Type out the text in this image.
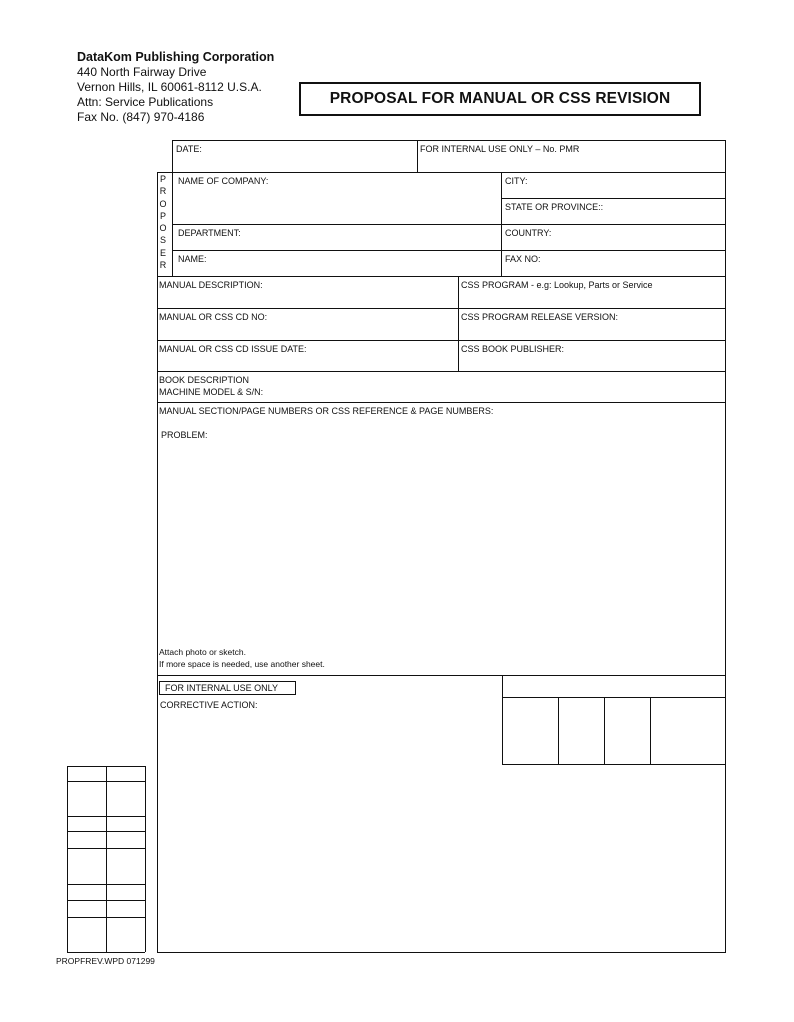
DataKom Publishing Corporation
440 North Fairway Drive
Vernon Hills, IL 60061-8112 U.S.A.
Attn: Service Publications
Fax No. (847) 970-4186
PROPOSAL FOR MANUAL OR CSS REVISION
DATE:	FOR INTERNAL USE ONLY – No. PMR
P
R
O
P
O
S
E
R
NAME OF COMPANY:	CITY:
STATE OR PROVINCE::
DEPARTMENT:	COUNTRY:
NAME:	FAX NO:
MANUAL DESCRIPTION:	CSS PROGRAM - e.g: Lookup, Parts or Service
MANUAL OR CSS CD NO:	CSS PROGRAM RELEASE VERSION:
MANUAL OR CSS CD ISSUE DATE:	CSS BOOK PUBLISHER:
BOOK DESCRIPTION
MACHINE MODEL & S/N:
MANUAL SECTION/PAGE NUMBERS OR CSS REFERENCE & PAGE NUMBERS:
PROBLEM:
Attach photo or sketch.
If more space is needed, use another sheet.
FOR INTERNAL USE ONLY
CORRECTIVE ACTION:
PROPFREV.WPD 071299
